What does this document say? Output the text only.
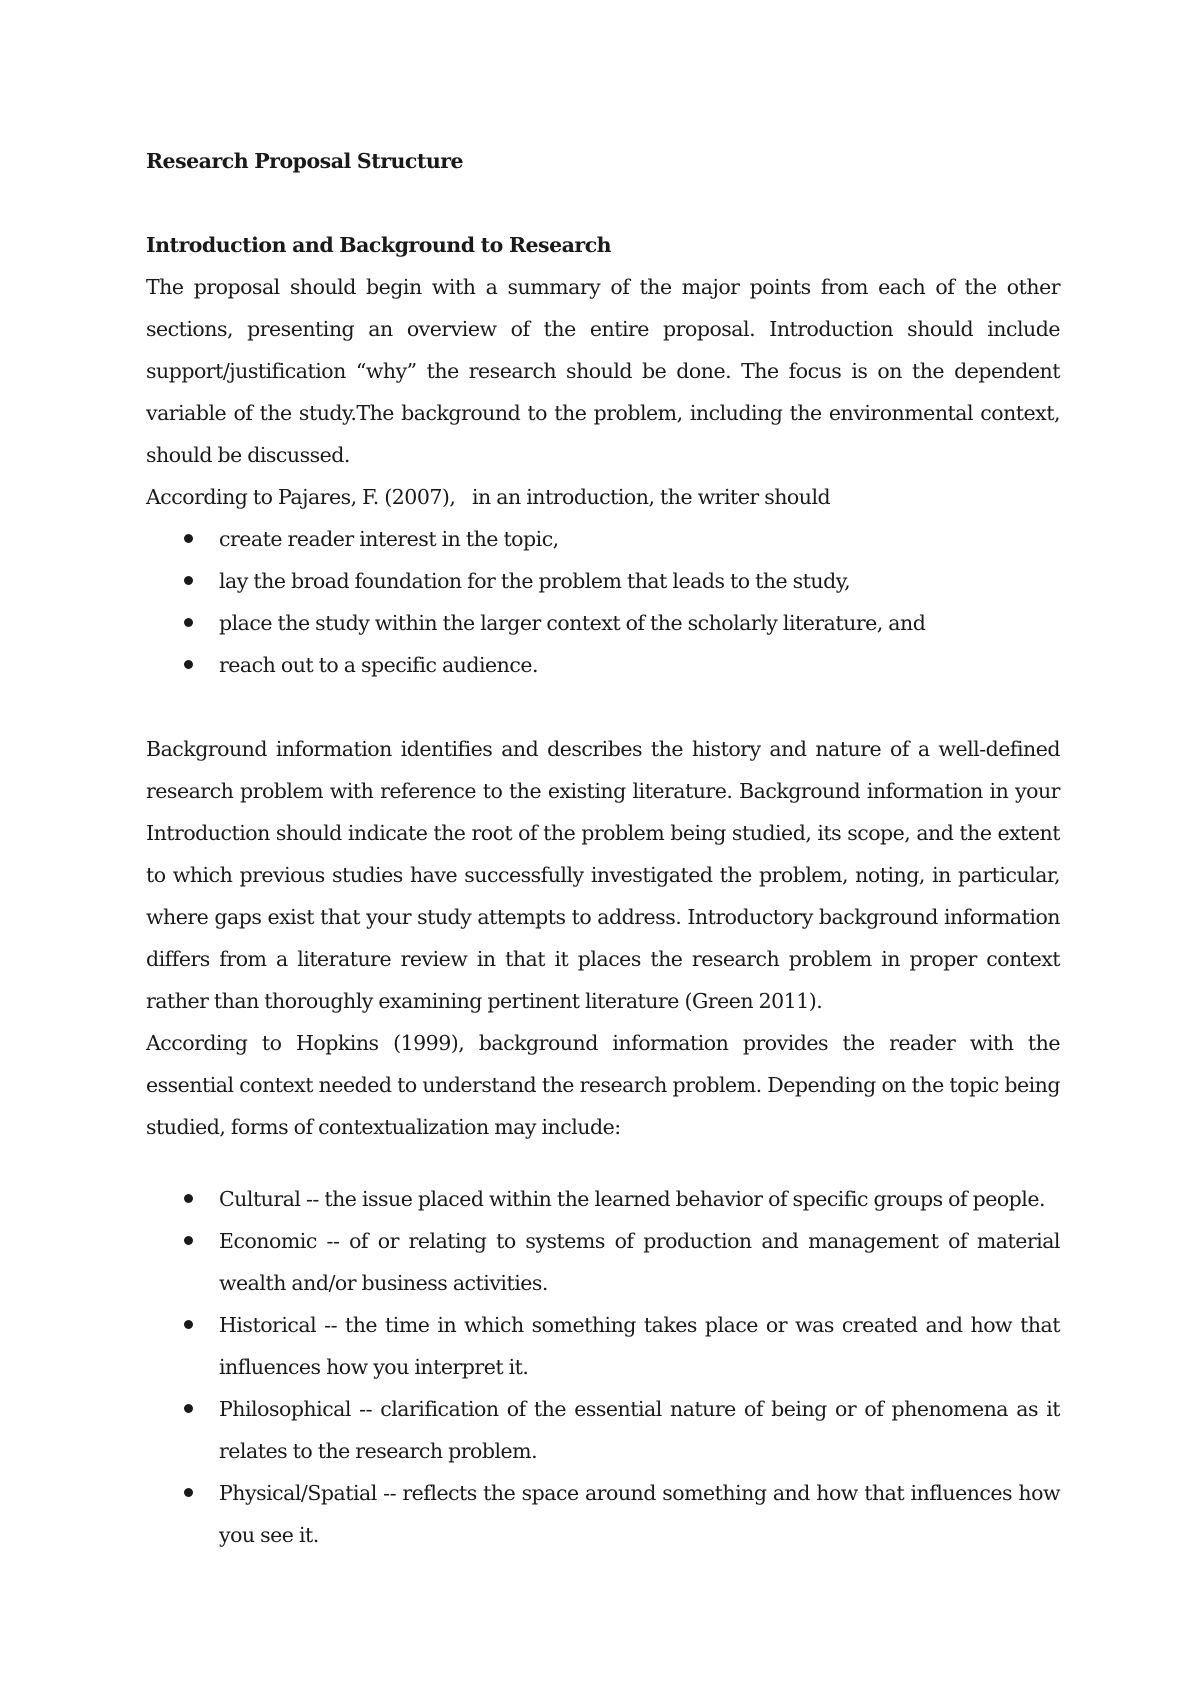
Research Proposal Structure
Introduction and Background to Research

The proposal should begin with a summary of the major points from each of the other sections, presenting an overview of the entire proposal. Introduction should include support/justification “why” the research should be done. The focus is on the dependent variable of the study.The background to the problem, including the environmental context, should be discussed.

According to Pajares, F. (2007),   in an introduction, the writer should

create reader interest in the topic,
lay the broad foundation for the problem that leads to the study,
place the study within the larger context of the scholarly literature, and
reach out to a specific audience.

Background information identifies and describes the history and nature of a well-defined research problem with reference to the existing literature. Background information in your Introduction should indicate the root of the problem being studied, its scope, and the extent to which previous studies have successfully investigated the problem, noting, in particular, where gaps exist that your study attempts to address. Introductory background information differs from a literature review in that it places the research problem in proper context rather than thoroughly examining pertinent literature (Green 2011).

According to Hopkins (1999), background information provides the reader with the essential context needed to understand the research problem. Depending on the topic being studied, forms of contextualization may include:

Cultural -- the issue placed within the learned behavior of specific groups of people.
Economic -- of or relating to systems of production and management of material wealth and/or business activities.
Historical -- the time in which something takes place or was created and how that influences how you interpret it.
Philosophical -- clarification of the essential nature of being or of phenomena as it relates to the research problem.
Physical/Spatial -- reflects the space around something and how that influences how you see it.
